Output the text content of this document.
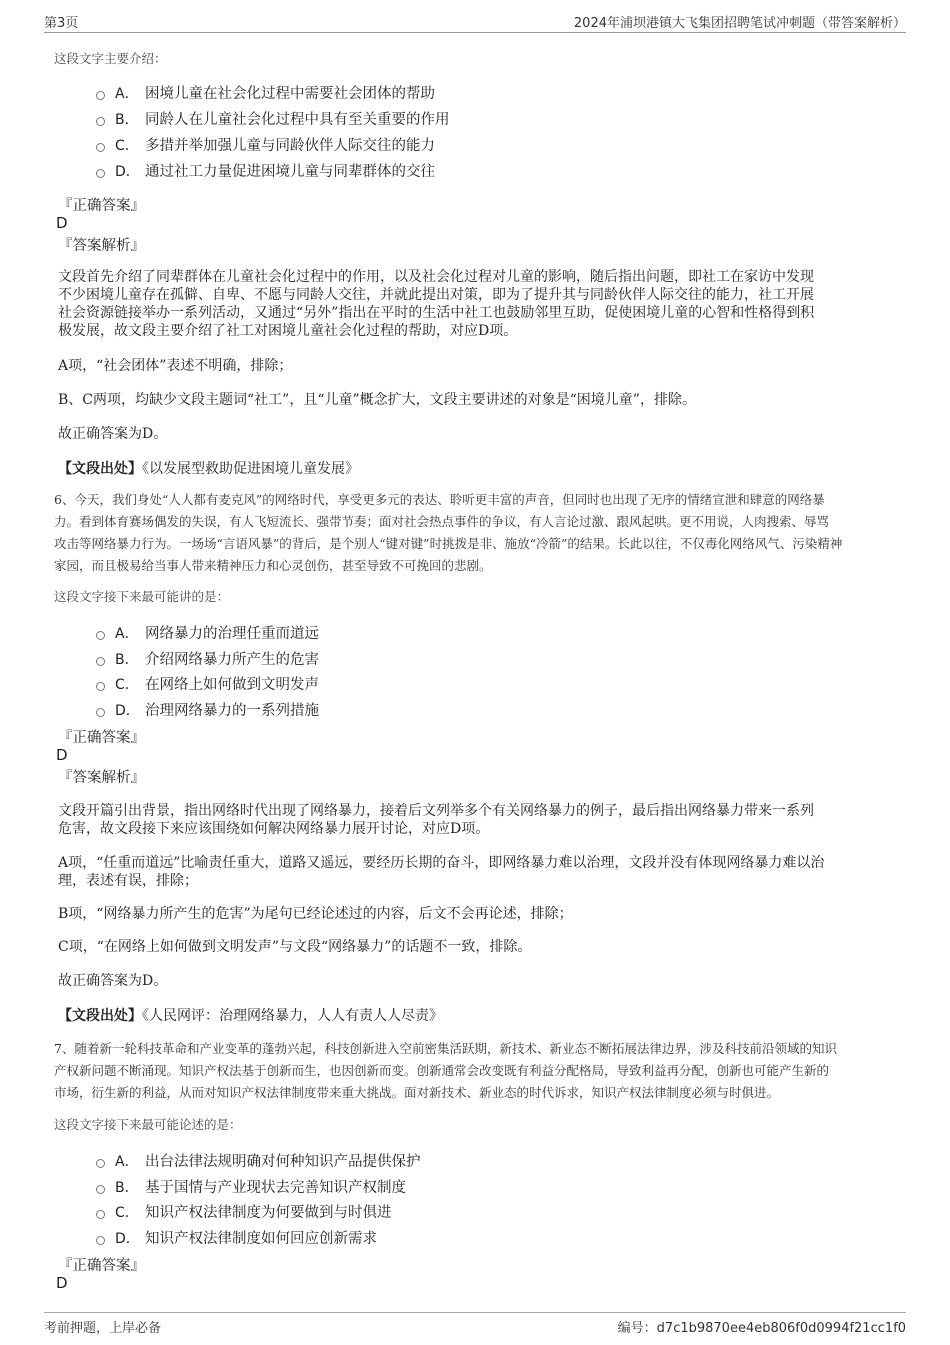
第3页	2024年浦坝港镇大飞集团招聘笔试冲刺题（带答案解析）
这段文字主要介绍：
A． 困境儿童在社会化过程中需要社会团体的帮助
B． 同龄人在儿童社会化过程中具有至关重要的作用
C． 多措并举加强儿童与同龄伙伴人际交往的能力
D． 通过社工力量促进困境儿童与同辈群体的交往
『正确答案』
D
『答案解析』
文段首先介绍了同辈群体在儿童社会化过程中的作用，以及社会化过程对儿童的影响，随后指出问题，即社工在家访中发现
不少困境儿童存在孤僻、自卑、不愿与同龄人交往，并就此提出对策，即为了提升其与同龄伙伴人际交往的能力，社工开展
社会资源链接举办一系列活动，又通过“另外”指出在平时的生活中社工也鼓励邻里互助，促使困境儿童的心智和性格得到积
极发展，故文段主要介绍了社工对困境儿童社会化过程的帮助，对应D项。
A项，“社会团体”表述不明确，排除；
B、C两项，均缺少文段主题词“社工”，且“儿童”概念扩大，文段主要讲述的对象是“困境儿童”，排除。
故正确答案为D。
【文段出处】《以发展型救助促进困境儿童发展》
6、今天，我们身处“人人都有麦克风”的网络时代，享受更多元的表达、聆听更丰富的声音，但同时也出现了无序的情绪宣泄和肆意的网络暴
力。看到体育赛场偶发的失误，有人飞短流长、强带节奏；面对社会热点事件的争议，有人言论过激、跟风起哄。更不用说，人肉搜索、辱骂
攻击等网络暴力行为。一场场“言语风暴”的背后，是个别人“键对键”时挑拨是非、施放“冷箭”的结果。长此以往，不仅毒化网络风气、污染精神
家园，而且极易给当事人带来精神压力和心灵创伤，甚至导致不可挽回的悲剧。
这段文字接下来最可能讲的是：
A． 网络暴力的治理任重而道远
B． 介绍网络暴力所产生的危害
C． 在网络上如何做到文明发声
D． 治理网络暴力的一系列措施
『正确答案』
D
『答案解析』
文段开篇引出背景，指出网络时代出现了网络暴力，接着后文列举多个有关网络暴力的例子，最后指出网络暴力带来一系列
危害，故文段接下来应该围绕如何解决网络暴力展开讨论，对应D项。
A项，“任重而道远”比喻责任重大，道路又遥远，要经历长期的奋斗，即网络暴力难以治理，文段并没有体现网络暴力难以治
理，表述有误，排除；
B项，“网络暴力所产生的危害”为尾句已经论述过的内容，后文不会再论述，排除；
C项，“在网络上如何做到文明发声”与文段“网络暴力”的话题不一致，排除。
故正确答案为D。
【文段出处】《人民网评：治理网络暴力，人人有责人人尽责》
7、随着新一轮科技革命和产业变革的蓬勃兴起，科技创新进入空前密集活跃期，新技术、新业态不断拓展法律边界，涉及科技前沿领域的知识
产权新问题不断涌现。知识产权法基于创新而生，也因创新而变。创新通常会改变既有利益分配格局，导致利益再分配，创新也可能产生新的
市场，衍生新的利益，从而对知识产权法律制度带来重大挑战。面对新技术、新业态的时代诉求，知识产权法律制度必须与时俱进。
这段文字接下来最可能论述的是：
A． 出台法律法规明确对何种知识产品提供保护
B． 基于国情与产业现状去完善知识产权制度
C． 知识产权法律制度为何要做到与时俱进
D． 知识产权法律制度如何回应创新需求
『正确答案』
D
考前押题，上岸必备	编号：d7c1b9870ee4eb806f0d0994f21cc1f0
